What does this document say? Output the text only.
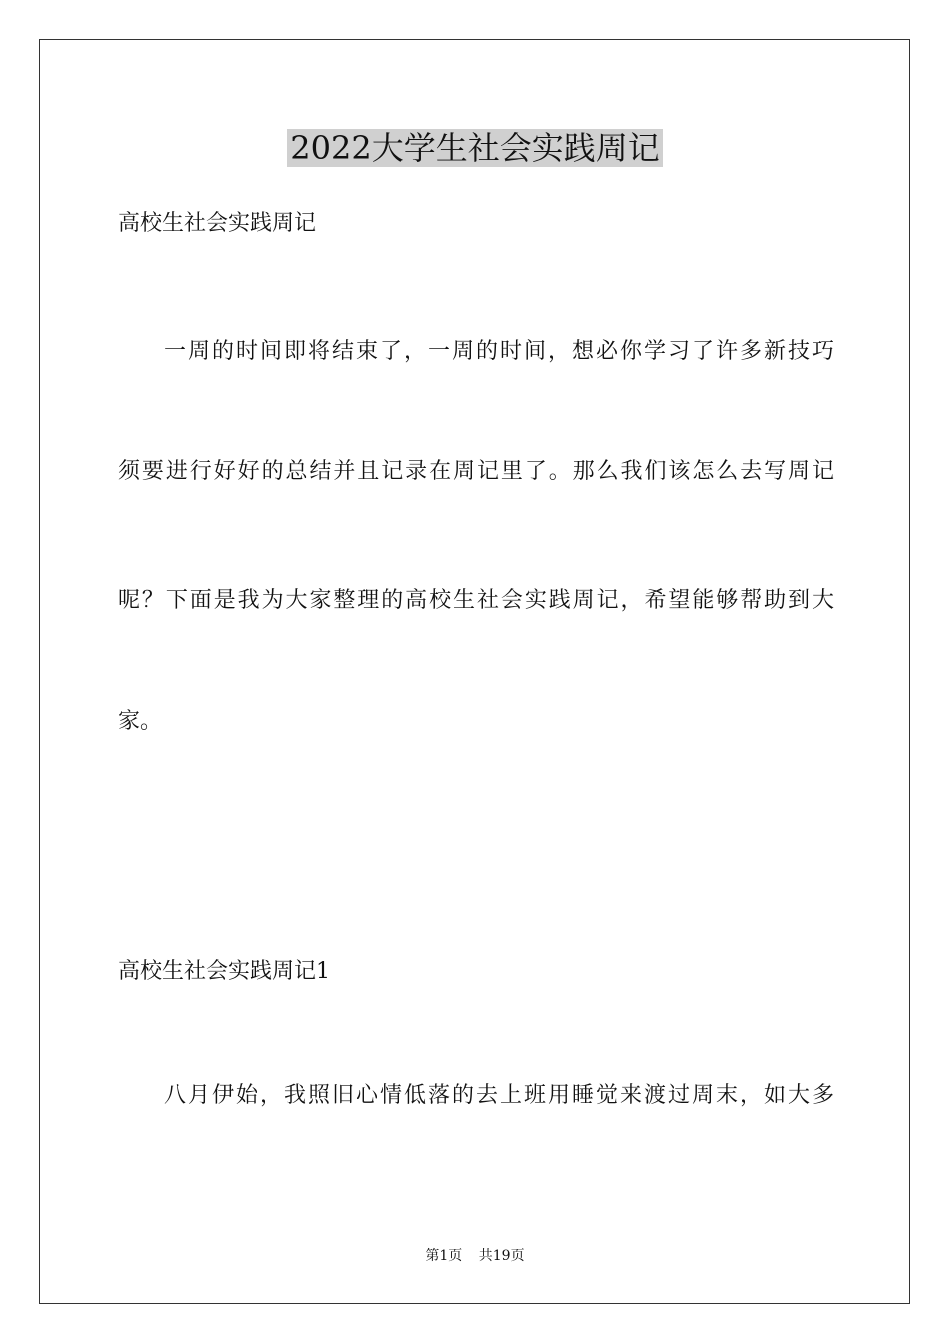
2022大学生社会实践周记

高校生社会实践周记

一周的时间即将结束了，一周的时间，想必你学习了许多新技巧

须要进行好好的总结并且记录在周记里了。那么我们该怎么去写周记

呢？下面是我为大家整理的高校生社会实践周记，希望能够帮助到大

家。

高校生社会实践周记1

八月伊始，我照旧心情低落的去上班用睡觉来渡过周末，如大多

第1页 共19页
